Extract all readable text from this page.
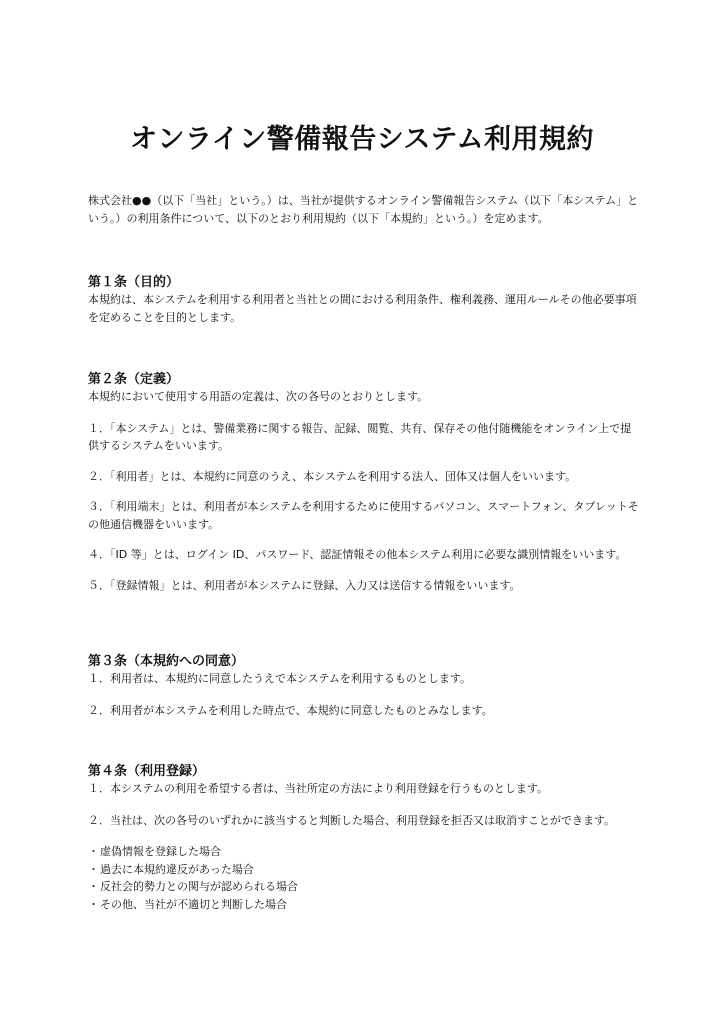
オンライン警備報告システム利用規約

株式会社●●（以下「当社」という。）は、当社が提供するオンライン警備報告システム（以下「本システム」という。）の利用条件について、以下のとおり利用規約（以下「本規約」という。）を定めます。

第１条（目的）

本規約は、本システムを利用する利用者と当社との間における利用条件、権利義務、運用ルールその他必要事項を定めることを目的とします。

第２条（定義）

本規約において使用する用語の定義は、次の各号のとおりとします。

１．「本システム」とは、警備業務に関する報告、記録、閲覧、共有、保存その他付随機能をオンライン上で提供するシステムをいいます。

２．「利用者」とは、本規約に同意のうえ、本システムを利用する法人、団体又は個人をいいます。

３．「利用端末」とは、利用者が本システムを利用するために使用するパソコン、スマートフォン、タブレットその他通信機器をいいます。

４．「ID 等」とは、ログイン ID、パスワード、認証情報その他本システム利用に必要な識別情報をいいます。

５．「登録情報」とは、利用者が本システムに登録、入力又は送信する情報をいいます。

第３条（本規約への同意）

１．利用者は、本規約に同意したうえで本システムを利用するものとします。

２．利用者が本システムを利用した時点で、本規約に同意したものとみなします。

第４条（利用登録）

１．本システムの利用を希望する者は、当社所定の方法により利用登録を行うものとします。

２．当社は、次の各号のいずれかに該当すると判断した場合、利用登録を拒否又は取消すことができます。

・虚偽情報を登録した場合
・過去に本規約違反があった場合
・反社会的勢力との関与が認められる場合
・その他、当社が不適切と判断した場合
